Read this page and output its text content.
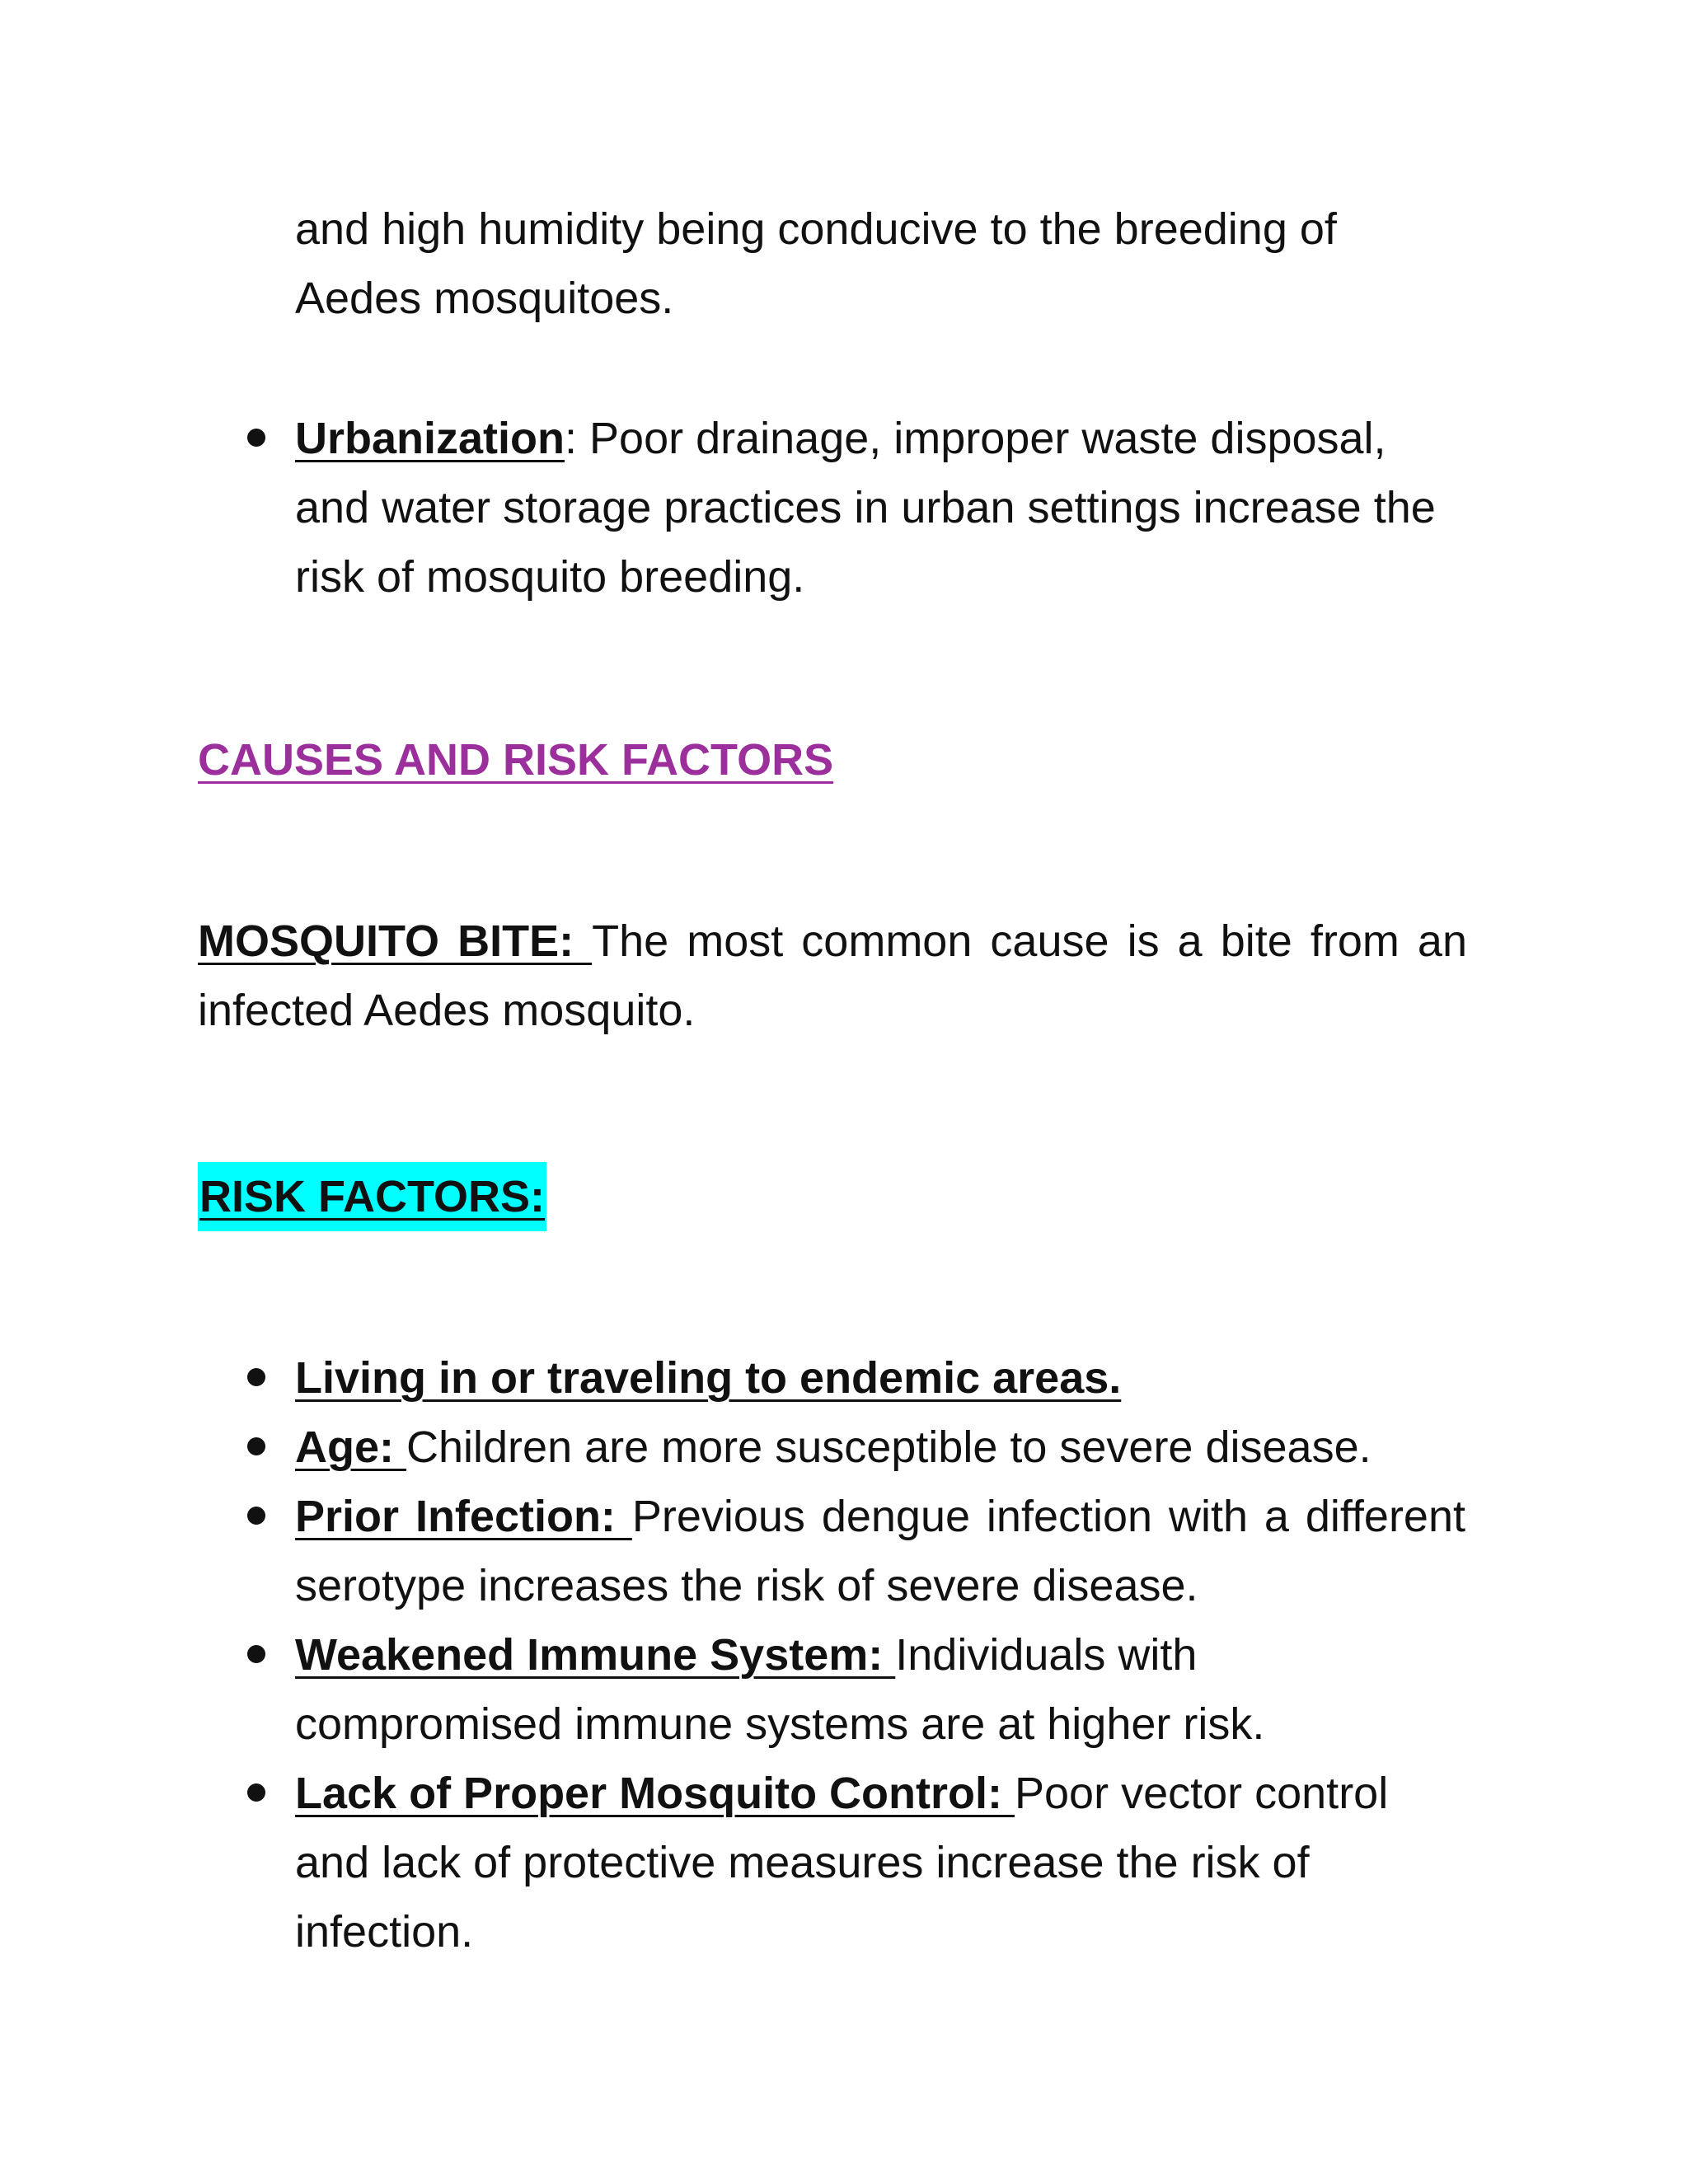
and high humidity being conducive to the breeding of Aedes mosquitoes.
Urbanization: Poor drainage, improper waste disposal, and water storage practices in urban settings increase the risk of mosquito breeding.
CAUSES AND RISK FACTORS
MOSQUITO BITE: The most common cause is a bite from an infected Aedes mosquito.
RISK FACTORS:
Living in or traveling to endemic areas.
Age: Children are more susceptible to severe disease.
Prior Infection: Previous dengue infection with a different serotype increases the risk of severe disease.
Weakened Immune System: Individuals with compromised immune systems are at higher risk.
Lack of Proper Mosquito Control: Poor vector control and lack of protective measures increase the risk of infection.
